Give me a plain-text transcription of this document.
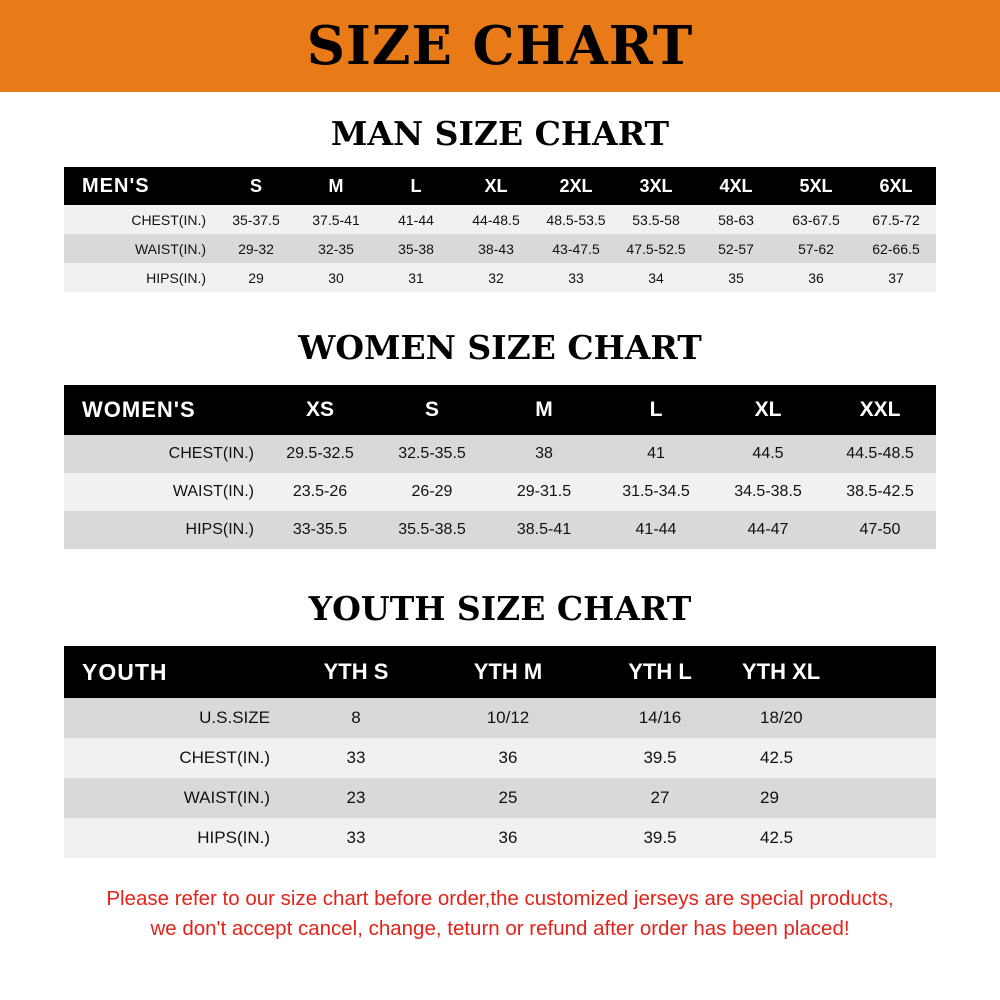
SIZE CHART
MAN SIZE CHART
MEN'S	S	M	L	XL	2XL	3XL	4XL	5XL	6XL
CHEST(IN.)	35-37.5	37.5-41	41-44	44-48.5	48.5-53.5	53.5-58	58-63	63-67.5	67.5-72
WAIST(IN.)	29-32	32-35	35-38	38-43	43-47.5	47.5-52.5	52-57	57-62	62-66.5
HIPS(IN.)	29	30	31	32	33	34	35	36	37
WOMEN SIZE CHART
WOMEN'S	XS	S	M	L	XL	XXL
CHEST(IN.)	29.5-32.5	32.5-35.5	38	41	44.5	44.5-48.5
WAIST(IN.)	23.5-26	26-29	29-31.5	31.5-34.5	34.5-38.5	38.5-42.5
HIPS(IN.)	33-35.5	35.5-38.5	38.5-41	41-44	44-47	47-50
YOUTH SIZE CHART
YOUTH	YTH S	YTH M	YTH L	YTH XL
U.S.SIZE	8	10/12	14/16	18/20
CHEST(IN.)	33	36	39.5	42.5
WAIST(IN.)	23	25	27	29
HIPS(IN.)	33	36	39.5	42.5
Please refer to our size chart before order,the customized jerseys are special products,
we don't accept cancel, change, teturn or refund after order has been placed!
